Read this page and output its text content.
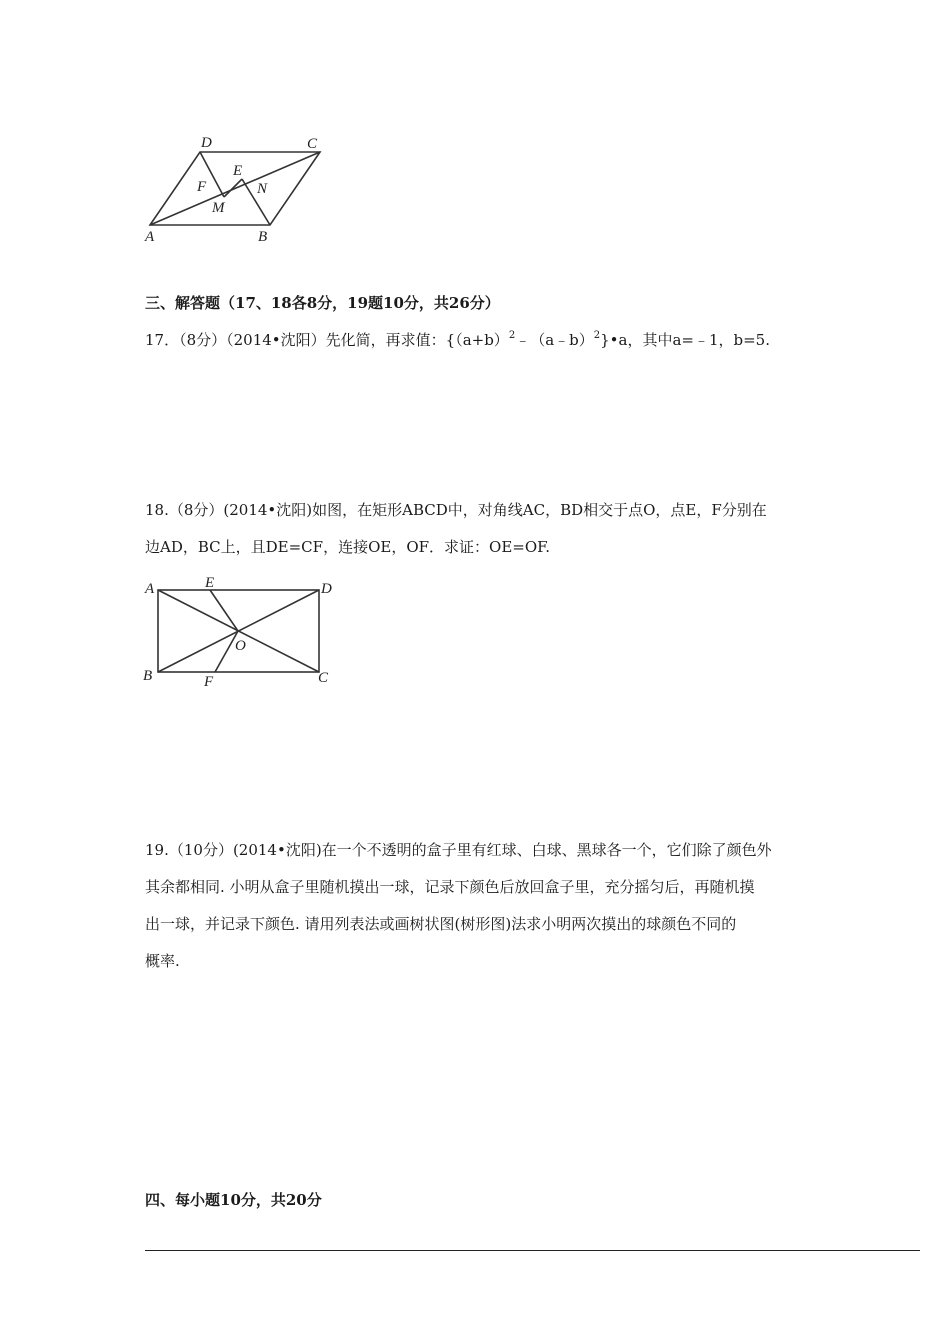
D	C
E
F	N
M
A	B
三、解答题（17、18各8分，19题10分，共26分）
17．（8分）（2014•沈阳）先化简，再求值：$\{(a+b)^2﹣(a﹣b)^2\}•a$，其中a=﹣1，b=5.
18.（8分）(2014•沈阳)如图，在矩形ABCD中，对角线AC，BD相交于点O，点E，F分别在
边AD，BC上，且DE=CF，连接OE，OF．求证：OE=OF.
A	E	D
O
B	F	C
19.（10分）(2014•沈阳)在一个不透明的盒子里有红球、白球、黑球各一个，它们除了颜色外
其余都相同. 小明从盒子里随机摸出一球，记录下颜色后放回盒子里，充分摇匀后，再随机摸
出一球，并记录下颜色. 请用列表法或画树状图(树形图)法求小明两次摸出的球颜色不同的
概率.
四、每小题10分，共20分
